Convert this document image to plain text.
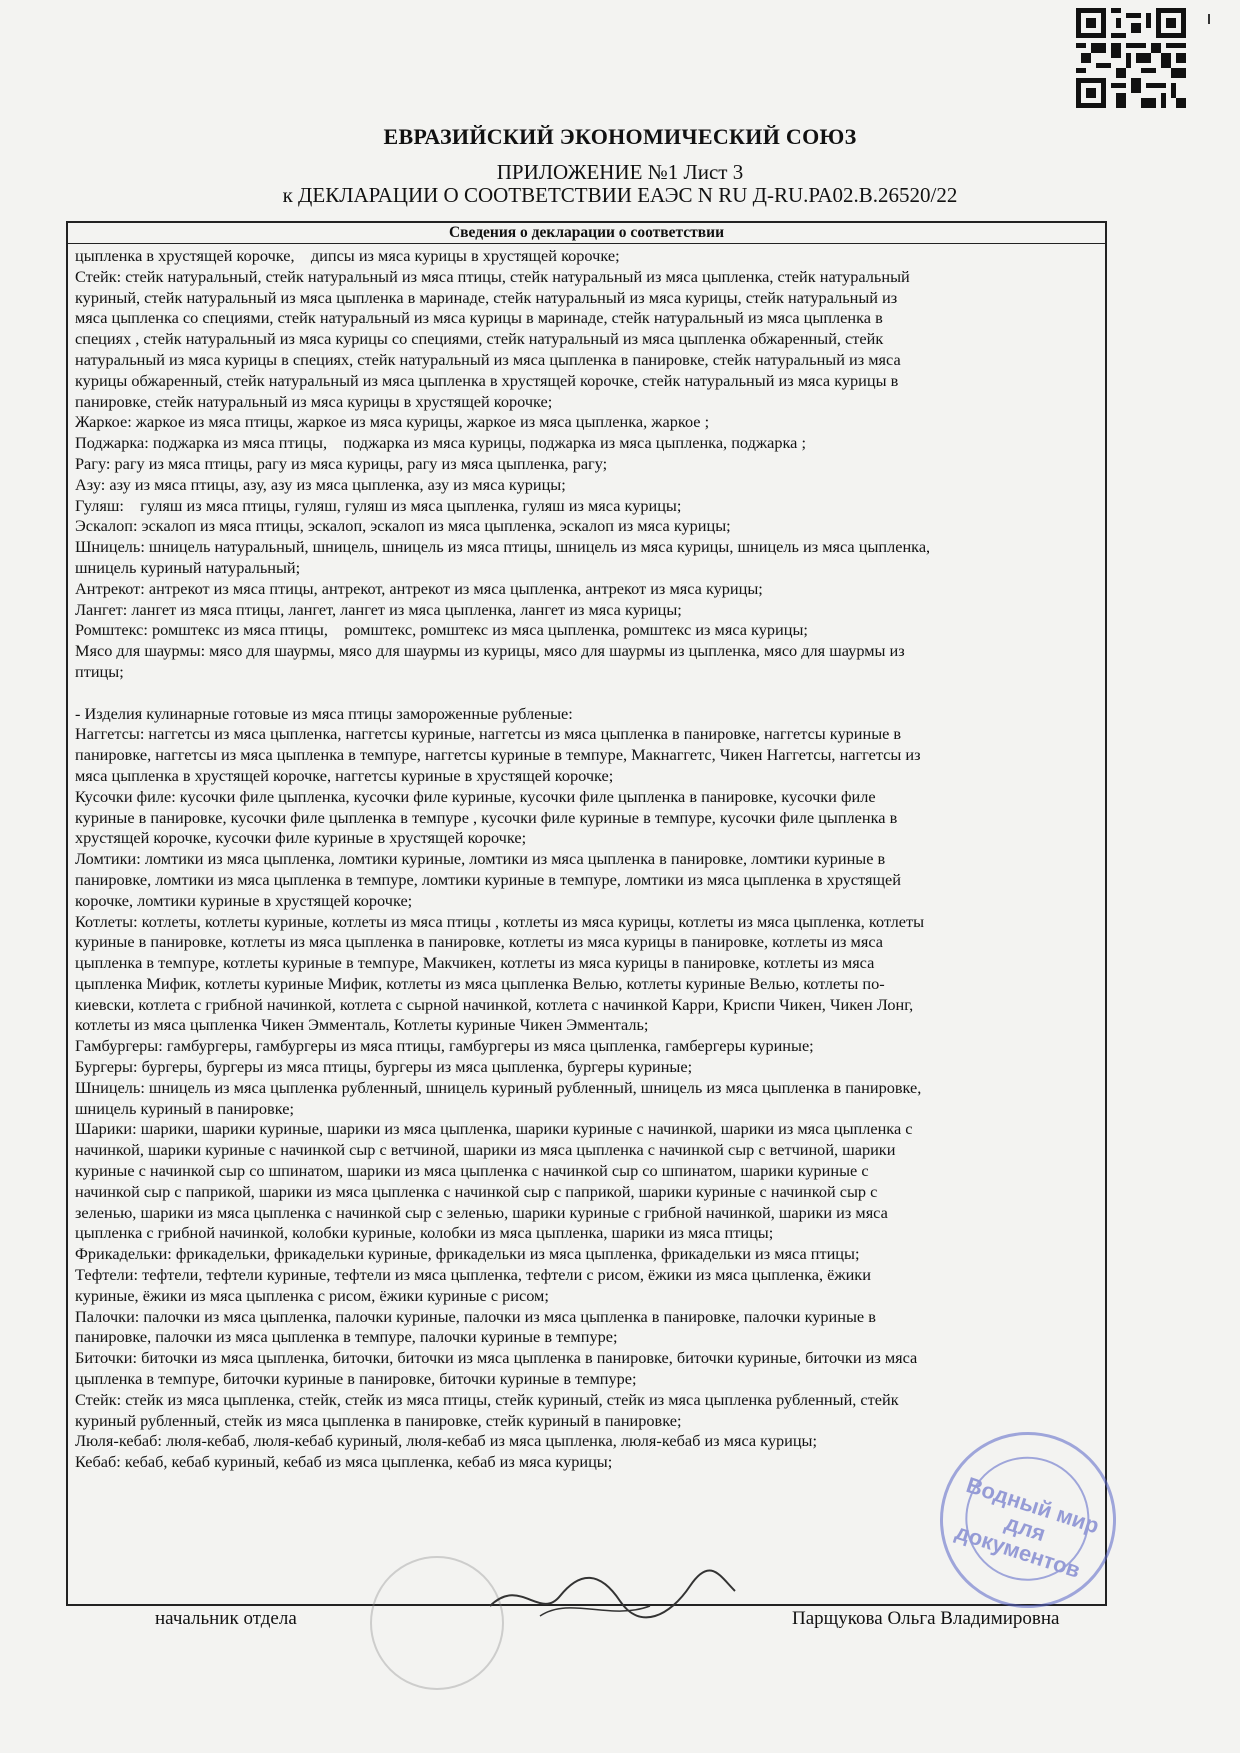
ЕВРАЗИЙСКИЙ ЭКОНОМИЧЕСКИЙ СОЮЗ
ПРИЛОЖЕНИЕ №1 Лист 3
к ДЕКЛАРАЦИИ О СООТВЕТСТВИИ ЕАЭС N RU Д-RU.РА02.В.26520/22
Сведения о декларации о соответствии
цыпленка в хрустящей корочке,    дипсы из мяса курицы в хрустящей корочке;
Стейк: стейк натуральный, стейк натуральный из мяса птицы, стейк натуральный из мяса цыпленка, стейк натуральный
куриный, стейк натуральный из мяса цыпленка в маринаде, стейк натуральный из мяса курицы, стейк натуральный из
мяса цыпленка со специями, стейк натуральный из мяса курицы в маринаде, стейк натуральный из мяса цыпленка в
специях , стейк натуральный из мяса курицы со специями, стейк натуральный из мяса цыпленка обжаренный, стейк
натуральный из мяса курицы в специях, стейк натуральный из мяса цыпленка в панировке, стейк натуральный из мяса
курицы обжаренный, стейк натуральный из мяса цыпленка в хрустящей корочке, стейк натуральный из мяса курицы в
панировке, стейк натуральный из мяса курицы в хрустящей корочке;
Жаркое: жаркое из мяса птицы, жаркое из мяса курицы, жаркое из мяса цыпленка, жаркое ;
Поджарка: поджарка из мяса птицы,    поджарка из мяса курицы, поджарка из мяса цыпленка, поджарка ;
Рагу: рагу из мяса птицы, рагу из мяса курицы, рагу из мяса цыпленка, рагу;
Азу: азу из мяса птицы, азу, азу из мяса цыпленка, азу из мяса курицы;
Гуляш:    гуляш из мяса птицы, гуляш, гуляш из мяса цыпленка, гуляш из мяса курицы;
Эскалоп: эскалоп из мяса птицы, эскалоп, эскалоп из мяса цыпленка, эскалоп из мяса курицы;
Шницель: шницель натуральный, шницель, шницель из мяса птицы, шницель из мяса курицы, шницель из мяса цыпленка,
шницель куриный натуральный;
Антрекот: антрекот из мяса птицы, антрекот, антрекот из мяса цыпленка, антрекот из мяса курицы;
Лангет: лангет из мяса птицы, лангет, лангет из мяса цыпленка, лангет из мяса курицы;
Ромштекс: ромштекс из мяса птицы,    ромштекс, ромштекс из мяса цыпленка, ромштекс из мяса курицы;
Мясо для шаурмы: мясо для шаурмы, мясо для шаурмы из курицы, мясо для шаурмы из цыпленка, мясо для шаурмы из
птицы;
- Изделия кулинарные готовые из мяса птицы замороженные рубленые:
Наггетсы: наггетсы из мяса цыпленка, наггетсы куриные, наггетсы из мяса цыпленка в панировке, наггетсы куриные в
панировке, наггетсы из мяса цыпленка в темпуре, наггетсы куриные в темпуре, Макнаггетс, Чикен Наггетсы, наггетсы из
мяса цыпленка в хрустящей корочке, наггетсы куриные в хрустящей корочке;
Кусочки филе: кусочки филе цыпленка, кусочки филе куриные, кусочки филе цыпленка в панировке, кусочки филе
куриные в панировке, кусочки филе цыпленка в темпуре , кусочки филе куриные в темпуре, кусочки филе цыпленка в
хрустящей корочке, кусочки филе куриные в хрустящей корочке;
Ломтики: ломтики из мяса цыпленка, ломтики куриные, ломтики из мяса цыпленка в панировке, ломтики куриные в
панировке, ломтики из мяса цыпленка в темпуре, ломтики куриные в темпуре, ломтики из мяса цыпленка в хрустящей
корочке, ломтики куриные в хрустящей корочке;
Котлеты: котлеты, котлеты куриные, котлеты из мяса птицы , котлеты из мяса курицы, котлеты из мяса цыпленка, котлеты
куриные в панировке, котлеты из мяса цыпленка в панировке, котлеты из мяса курицы в панировке, котлеты из мяса
цыпленка в темпуре, котлеты куриные в темпуре, Макчикен, котлеты из мяса курицы в панировке, котлеты из мяса
цыпленка Мифик, котлеты куриные Мифик, котлеты из мяса цыпленка Велью, котлеты куриные Велью, котлеты по-
киевски, котлета с грибной начинкой, котлета с сырной начинкой, котлета с начинкой Карри, Криспи Чикен, Чикен Лонг,
котлеты из мяса цыпленка Чикен Эмменталь, Котлеты куриные Чикен Эмменталь;
Гамбургеры: гамбургеры, гамбургеры из мяса птицы, гамбургеры из мяса цыпленка, гамбергеры куриные;
Бургеры: бургеры, бургеры из мяса птицы, бургеры из мяса цыпленка, бургеры куриные;
Шницель: шницель из мяса цыпленка рубленный, шницель куриный рубленный, шницель из мяса цыпленка в панировке,
шницель куриный в панировке;
Шарики: шарики, шарики куриные, шарики из мяса цыпленка, шарики куриные с начинкой, шарики из мяса цыпленка с
начинкой, шарики куриные с начинкой сыр с ветчиной, шарики из мяса цыпленка с начинкой сыр с ветчиной, шарики
куриные с начинкой сыр со шпинатом, шарики из мяса цыпленка с начинкой сыр со шпинатом, шарики куриные с
начинкой сыр с паприкой, шарики из мяса цыпленка с начинкой сыр с паприкой, шарики куриные с начинкой сыр с
зеленью, шарики из мяса цыпленка с начинкой сыр с зеленью, шарики куриные с грибной начинкой, шарики из мяса
цыпленка с грибной начинкой, колобки куриные, колобки из мяса цыпленка, шарики из мяса птицы;
Фрикадельки: фрикадельки, фрикадельки куриные, фрикадельки из мяса цыпленка, фрикадельки из мяса птицы;
Тефтели: тефтели, тефтели куриные, тефтели из мяса цыпленка, тефтели с рисом, ёжики из мяса цыпленка, ёжики
куриные, ёжики из мяса цыпленка с рисом, ёжики куриные с рисом;
Палочки: палочки из мяса цыпленка, палочки куриные, палочки из мяса цыпленка в панировке, палочки куриные в
панировке, палочки из мяса цыпленка в темпуре, палочки куриные в темпуре;
Биточки: биточки из мяса цыпленка, биточки, биточки из мяса цыпленка в панировке, биточки куриные, биточки из мяса
цыпленка в темпуре, биточки куриные в панировке, биточки куриные в темпуре;
Стейк: стейк из мяса цыпленка, стейк, стейк из мяса птицы, стейк куриный, стейк из мяса цыпленка рубленный, стейк
куриный рубленный, стейк из мяса цыпленка в панировке, стейк куриный в панировке;
Люля-кебаб: люля-кебаб, люля-кебаб куриный, люля-кебаб из мяса цыпленка, люля-кебаб из мяса курицы;
Кебаб: кебаб, кебаб куриный, кебаб из мяса цыпленка, кебаб из мяса курицы;
Водный мир для документов
начальник отдела	Парщукова Ольга Владимировна
